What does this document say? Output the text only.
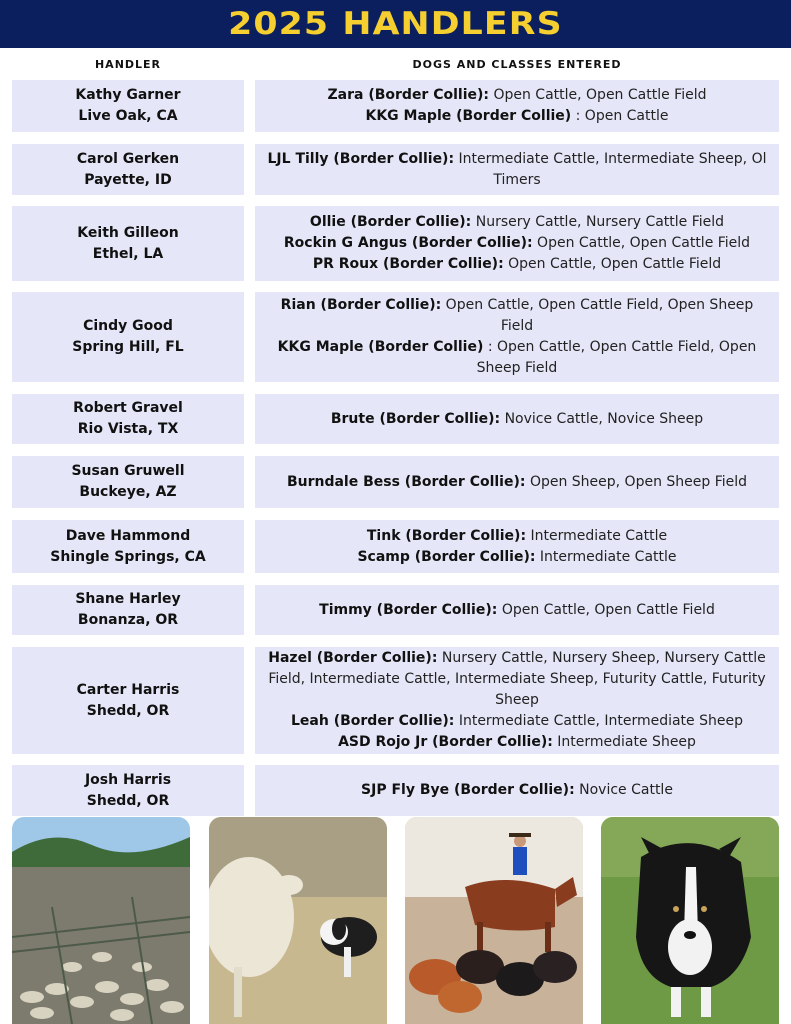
2025 HANDLERS
HANDLER	DOGS AND CLASSES ENTERED
Kathy Garner
Live Oak, CA
Zara (Border Collie): Open Cattle, Open Cattle Field
KKG Maple (Border Collie) : Open Cattle
Carol Gerken
Payette, ID
LJL Tilly (Border Collie): Intermediate Cattle, Intermediate Sheep, Ol Timers
Keith Gilleon
Ethel, LA
Ollie (Border Collie): Nursery Cattle, Nursery Cattle Field
Rockin G Angus (Border Collie): Open Cattle, Open Cattle Field
PR Roux (Border Collie): Open Cattle, Open Cattle Field
Cindy Good
Spring Hill, FL
Rian (Border Collie): Open Cattle, Open Cattle Field, Open Sheep Field
KKG Maple (Border Collie) : Open Cattle, Open Cattle Field, Open Sheep Field
Robert Gravel
Rio Vista, TX
Brute (Border Collie): Novice Cattle, Novice Sheep
Susan Gruwell
Buckeye, AZ
Burndale Bess (Border Collie): Open Sheep, Open Sheep Field
Dave Hammond
Shingle Springs, CA
Tink (Border Collie): Intermediate Cattle
Scamp (Border Collie): Intermediate Cattle
Shane Harley
Bonanza, OR
Timmy (Border Collie): Open Cattle, Open Cattle Field
Carter Harris
Shedd, OR
Hazel (Border Collie): Nursery Cattle, Nursery Sheep, Nursery Cattle Field, Intermediate Cattle, Intermediate Sheep, Futurity Cattle, Futurity Sheep
Leah (Border Collie): Intermediate Cattle, Intermediate Sheep
ASD Rojo Jr (Border Collie): Intermediate Sheep
Josh Harris
Shedd, OR
SJP Fly Bye (Border Collie): Novice Cattle
